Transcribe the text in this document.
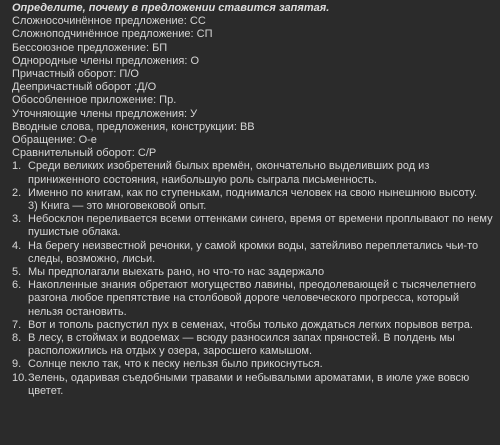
Определите, почему в предложении ставится запятая.
Сложносочинённое предложение: СС
Сложноподчинённое предложение: СП
Бессоюзное предложение: БП
Однородные члены предложения: О
Причастный оборот: П/О
Деепричастный оборот :Д/О
Обособленное приложение: Пр.
Уточняющие члены предложения: У
Вводные слова, предложения, конструкции: ВВ
Обращение: О-е
Сравнительный оборот: С/Р
1. Среди великих изобретений былых времён, окончательно выделивших род из приниженного состояния, наибольшую роль сыграла письменность.
2. Именно по книгам, как по ступенькам, поднимался человек на свою нынешнюю высоту.
3) Книга — это многовековой опыт.
3. Небосклон переливается всеми оттенками синего, время от времени проплывают по нему пушистые облака.
4. На берегу неизвестной речонки, у самой кромки воды, затейливо переплетались чьи-то следы, возможно, лисьи.
5. Мы предполагали выехать рано, но что-то нас задержало
6. Накопленные знания обретают могущество лавины, преодолевающей с тысячелетнего разгона любое препятствие на столбовой дороге человеческого прогресса, который нельзя остановить.
7. Вот и тополь распустил пух в семенах, чтобы только дождаться легких порывов ветра.
8. В лесу, в стоймах и водоемах — всюду разносился запах пряностей. В полдень мы расположились на отдых у озера, заросшего камышом.
9. Солнце пекло так, что к песку нельзя было прикоснуться.
10. Зелень, одаривая съедобными травами и небывалыми ароматами, в июле уже вовсю цветет.
